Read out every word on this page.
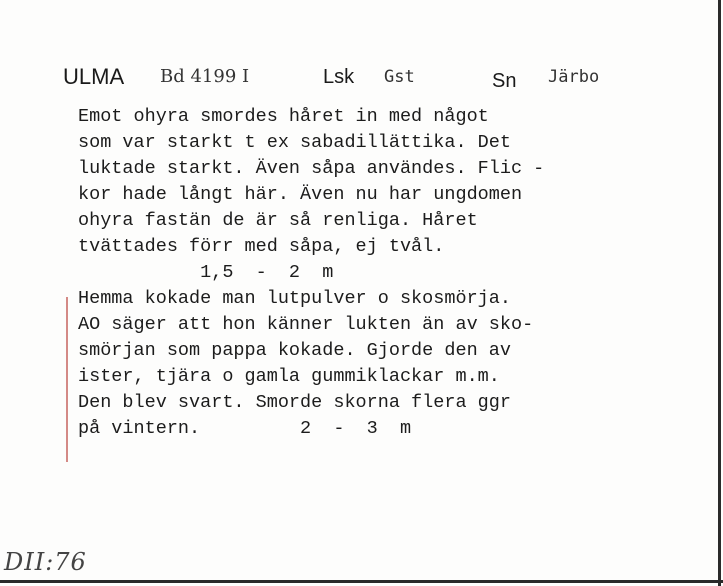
ULMA Bd 4199 I	Lsk Gst	Sn Järbo
Emot ohyra smordes håret in med något
som var starkt t ex sabadillättika. Det
luktade starkt. Även såpa användes. Flic -
kor hade långt här. Även nu har ungdomen
ohyra fastän de är så renliga. Håret
tvättades förr med såpa, ej tvål.
1,5  -  2  m
Hemma kokade man lutpulver o skosmörja.
AO säger att hon känner lukten än av sko-
smörjan som pappa kokade. Gjorde den av
ister, tjära o gamla gummiklackar m.m.
Den blev svart. Smorde skorna flera ggr
på vintern.         2  -  3  m
DII:76
